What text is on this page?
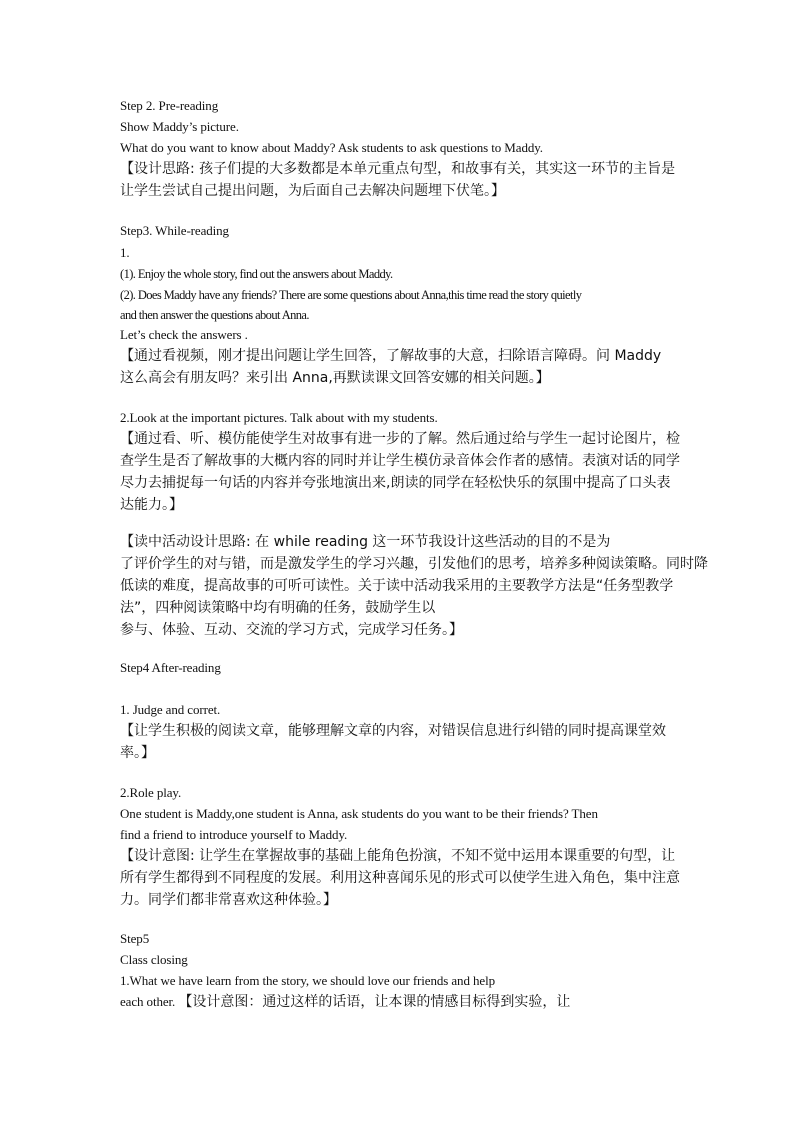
Step 2. Pre-reading
Show Maddy’s picture.
What do you want to know about Maddy? Ask students to ask questions to Maddy.
【设计思路: 孩子们提的大多数都是本单元重点句型，和故事有关，其实这一环节的主旨是
让学生尝试自己提出问题，为后面自己去解决问题埋下伏笔。】
Step3. While-reading
1.
(1). Enjoy the whole story, find out the answers about Maddy.
(2). Does Maddy have any friends? There are some questions about Anna,this time read the story quietly
and then answer the questions about Anna.
Let’s check the answers .
【通过看视频，刚才提出问题让学生回答，了解故事的大意，扫除语言障碍。问 Maddy
这么高会有朋友吗？来引出 Anna,再默读课文回答安娜的相关问题。】
2.Look at the important pictures. Talk about with my students.
【通过看、听、模仿能使学生对故事有进一步的了解。然后通过给与学生一起讨论图片，检
查学生是否了解故事的大概内容的同时并让学生模仿录音体会作者的感情。表演对话的同学
尽力去捕捉每一句话的内容并夸张地演出来,朗读的同学在轻松快乐的氛围中提高了口头表
达能力。】
【读中活动设计思路: 在 while reading 这一环节我设计这些活动的目的不是为
了评价学生的对与错，而是激发学生的学习兴趣，引发他们的思考，培养多种阅读策略。同时降
低读的难度，提高故事的可听可读性。关于读中活动我采用的主要教学方法是“任务型教学
法”，四种阅读策略中均有明确的任务，鼓励学生以
参与、体验、互动、交流的学习方式，完成学习任务。】
Step4 After-reading
1. Judge and corret.
【让学生积极的阅读文章，能够理解文章的内容，对错误信息进行纠错的同时提高课堂效
率。】
2.Role play.
One student is Maddy,one student is Anna, ask students do you want to be their friends? Then
find a friend to introduce yourself to Maddy.
【设计意图: 让学生在掌握故事的基础上能角色扮演，不知不觉中运用本课重要的句型，让
所有学生都得到不同程度的发展。利用这种喜闻乐见的形式可以使学生进入角色，集中注意
力。同学们都非常喜欢这种体验。】
Step5
Class closing
1.What we have learn from the story, we should love our friends and help
each other. 【设计意图：通过这样的话语，让本课的情感目标得到实验，让
